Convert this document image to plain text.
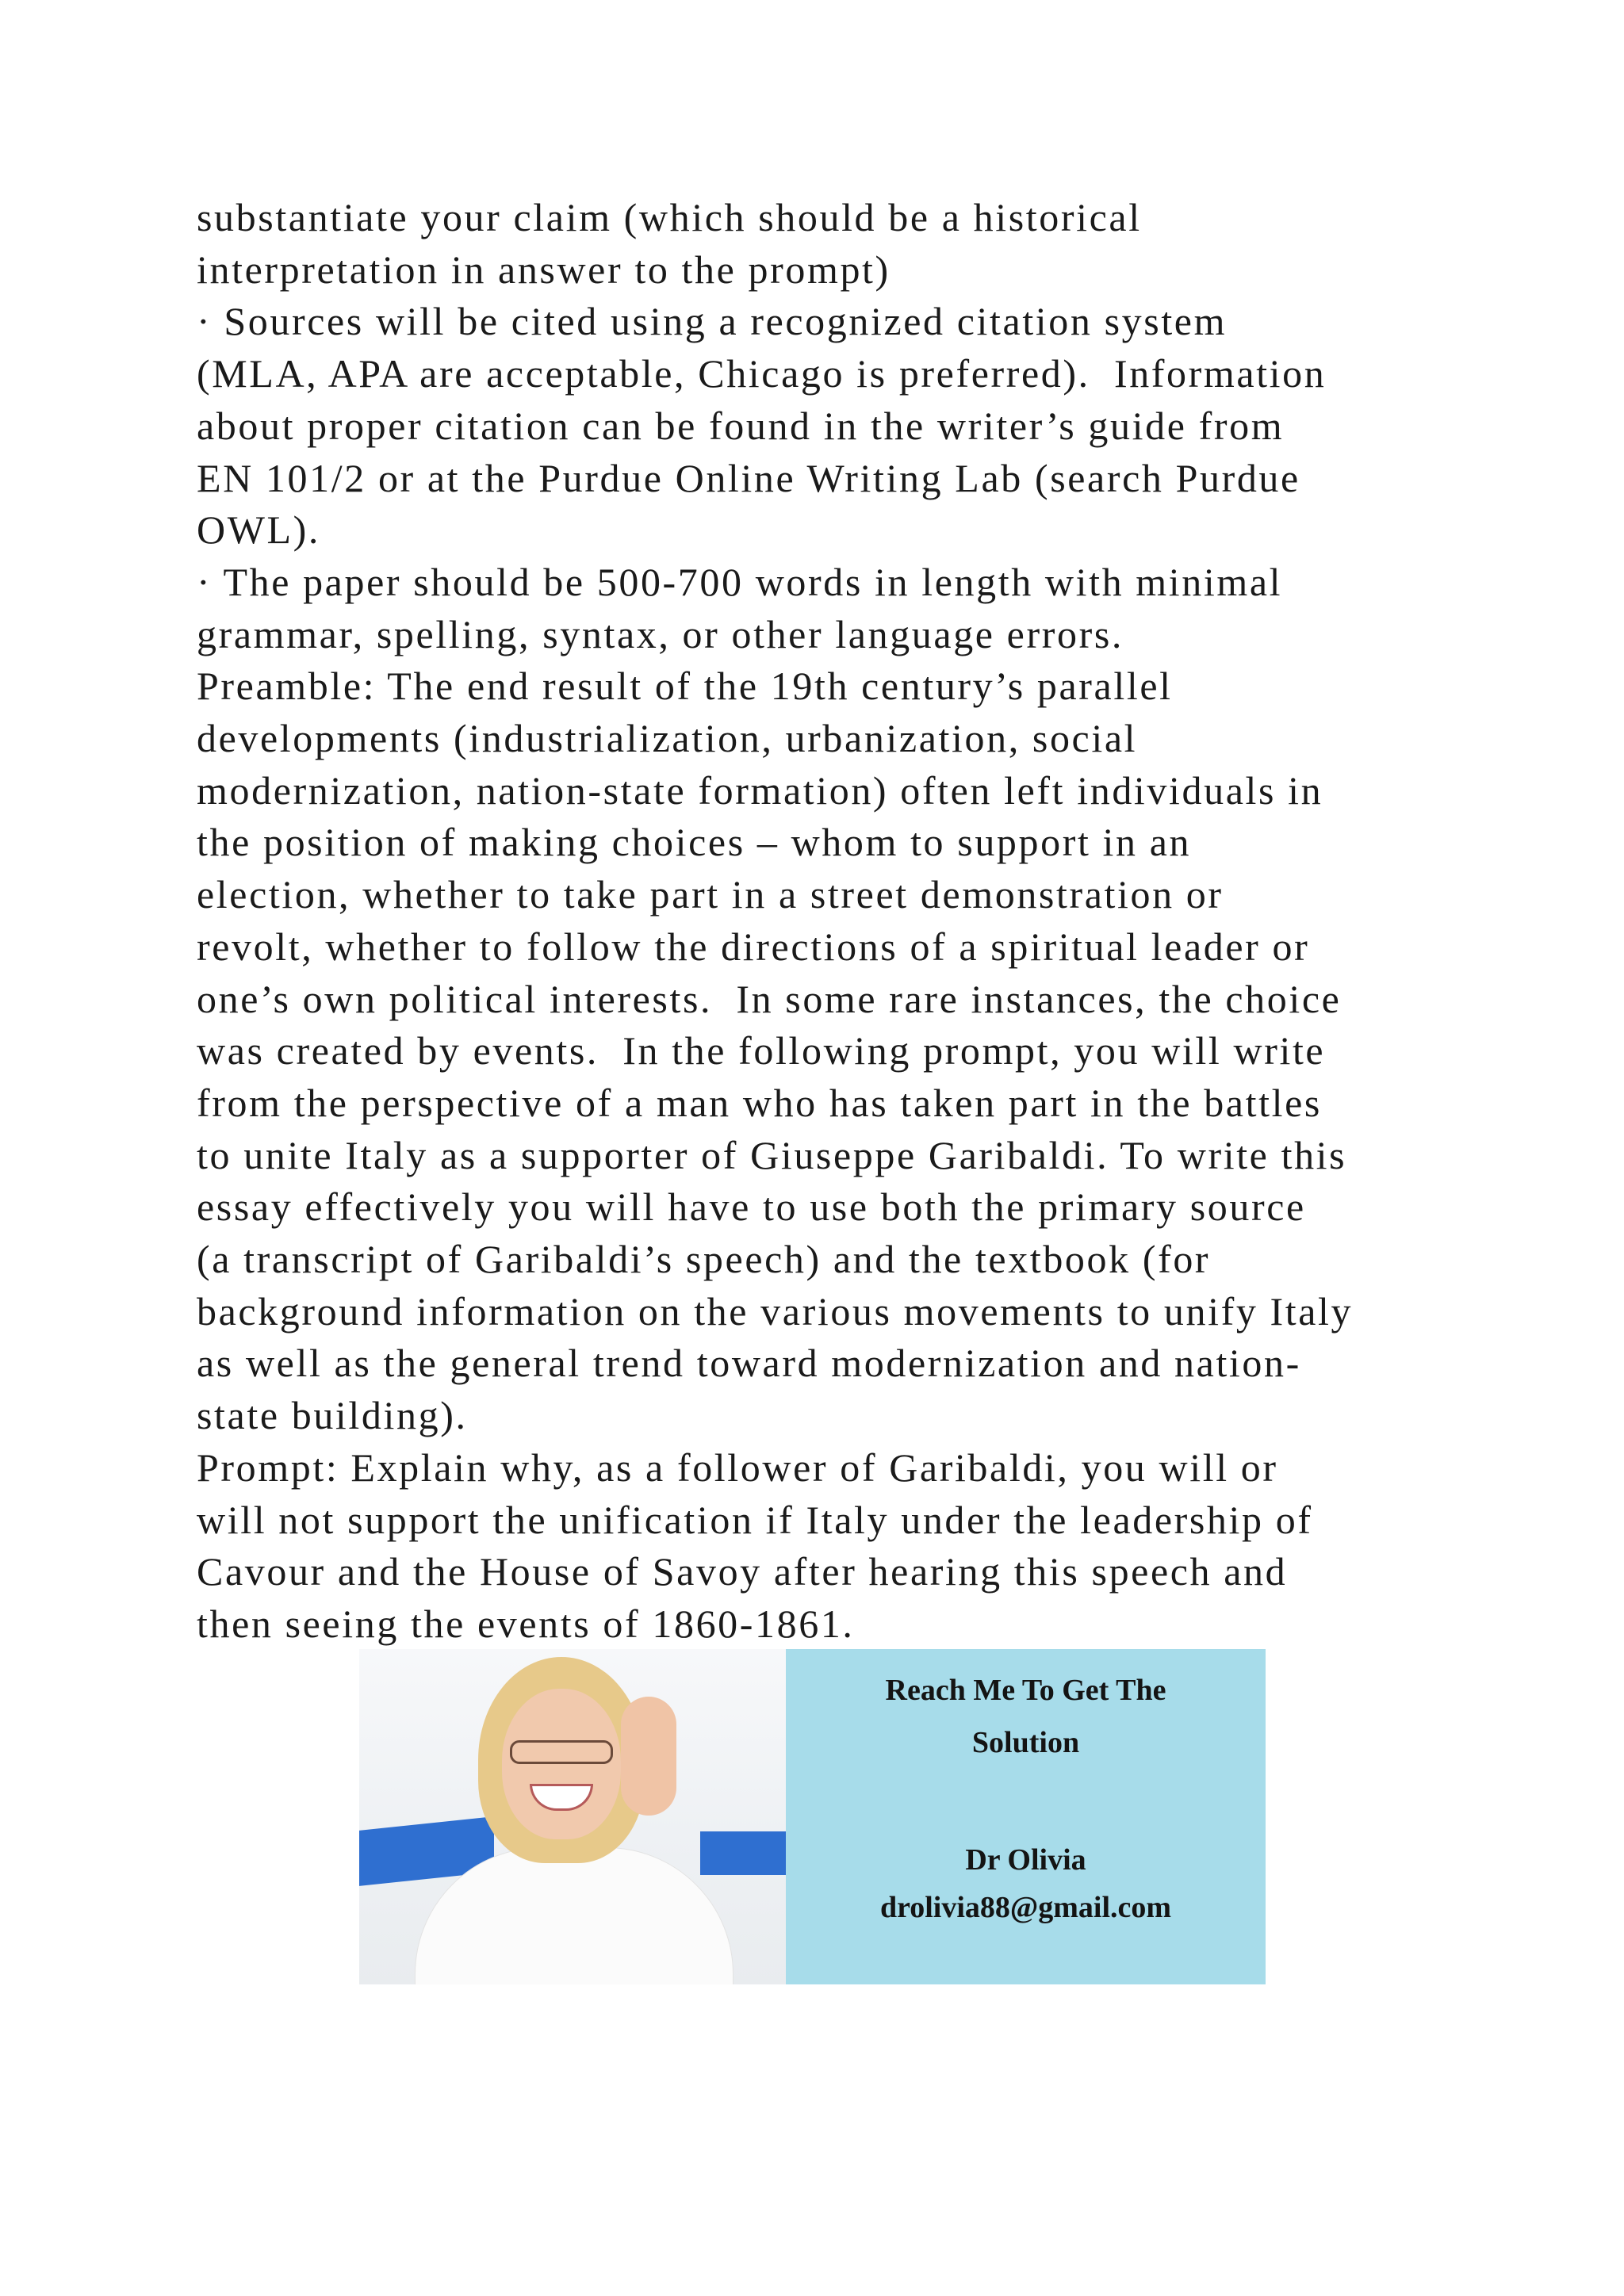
substantiate your claim (which should be a historical
interpretation in answer to the prompt)
· Sources will be cited using a recognized citation system
(MLA, APA are acceptable, Chicago is preferred).  Information
about proper citation can be found in the writer’s guide from
EN 101/2 or at the Purdue Online Writing Lab (search Purdue
OWL).
· The paper should be 500-700 words in length with minimal
grammar, spelling, syntax, or other language errors.
Preamble: The end result of the 19th century’s parallel
developments (industrialization, urbanization, social
modernization, nation-state formation) often left individuals in
the position of making choices – whom to support in an
election, whether to take part in a street demonstration or
revolt, whether to follow the directions of a spiritual leader or
one’s own political interests.  In some rare instances, the choice
was created by events.  In the following prompt, you will write
from the perspective of a man who has taken part in the battles
to unite Italy as a supporter of Giuseppe Garibaldi. To write this
essay effectively you will have to use both the primary source
(a transcript of Garibaldi’s speech) and the textbook (for
background information on the various movements to unify Italy
as well as the general trend toward modernization and nation-
state building).
Prompt: Explain why, as a follower of Garibaldi, you will or
will not support the unification if Italy under the leadership of
Cavour and the House of Savoy after hearing this speech and
then seeing the events of 1860-1861.
Reach Me To Get The
Solution
Dr Olivia
drolivia88@gmail.com
